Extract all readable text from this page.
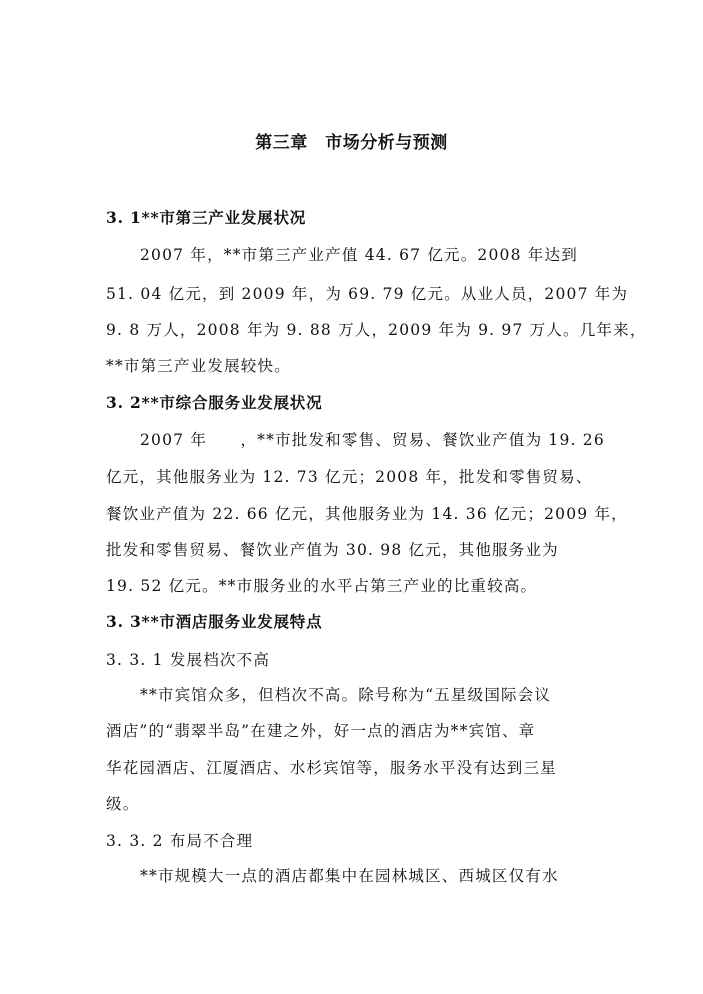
第三章　市场分析与预测
3. 1**市第三产业发展状况
2007 年，**市第三产业产值 44. 67 亿元。2008 年达到
51. 04 亿元，到 2009 年，为 69. 79 亿元。从业人员，2007 年为
9. 8 万人，2008 年为 9. 88 万人，2009 年为 9. 97 万人。几年来，
**市第三产业发展较快。
3. 2**市综合服务业发展状况
2007 年　　，**市批发和零售、贸易、餐饮业产值为 19. 26
亿元，其他服务业为 12. 73 亿元；2008 年，批发和零售贸易、
餐饮业产值为 22. 66 亿元，其他服务业为 14. 36 亿元；2009 年，
批发和零售贸易、餐饮业产值为 30. 98 亿元，其他服务业为
19. 52 亿元。**市服务业的水平占第三产业的比重较高。
3. 3**市酒店服务业发展特点
3. 3. 1 发展档次不高
**市宾馆众多，但档次不高。除号称为“五星级国际会议
酒店”的“翡翠半岛”在建之外，好一点的酒店为**宾馆、章
华花园酒店、江厦酒店、水杉宾馆等，服务水平没有达到三星
级。
3. 3. 2 布局不合理
**市规模大一点的酒店都集中在园林城区、西城区仅有水
